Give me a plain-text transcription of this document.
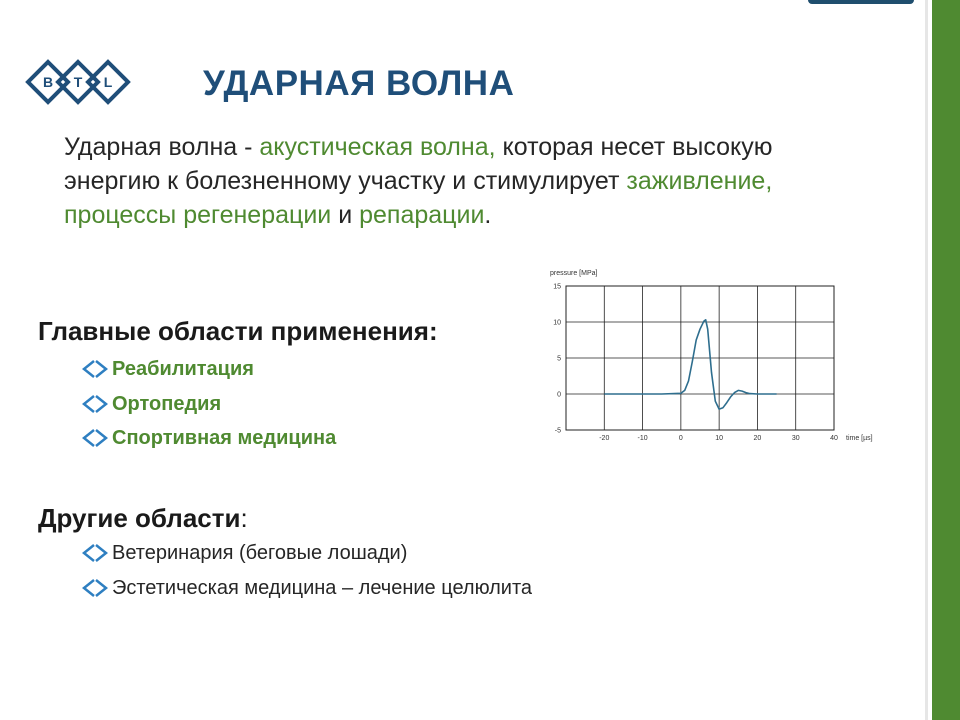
B T L	УДАРНАЯ ВОЛНА
Ударная волна - акустическая волна, которая несет высокую энергию к болезненному участку и стимулирует заживление, процессы регенерации и репарации.
Главные области применения:
Реабилитация
Ортопедия
Спортивная медицина
Другие области:
Ветеринария (беговые лошади)
Эстетическая медицина – лечение целюлита
-20	-10	0	10	20	30	40
15
10
5
0
-5
pressure [MPa]
time [µs]
